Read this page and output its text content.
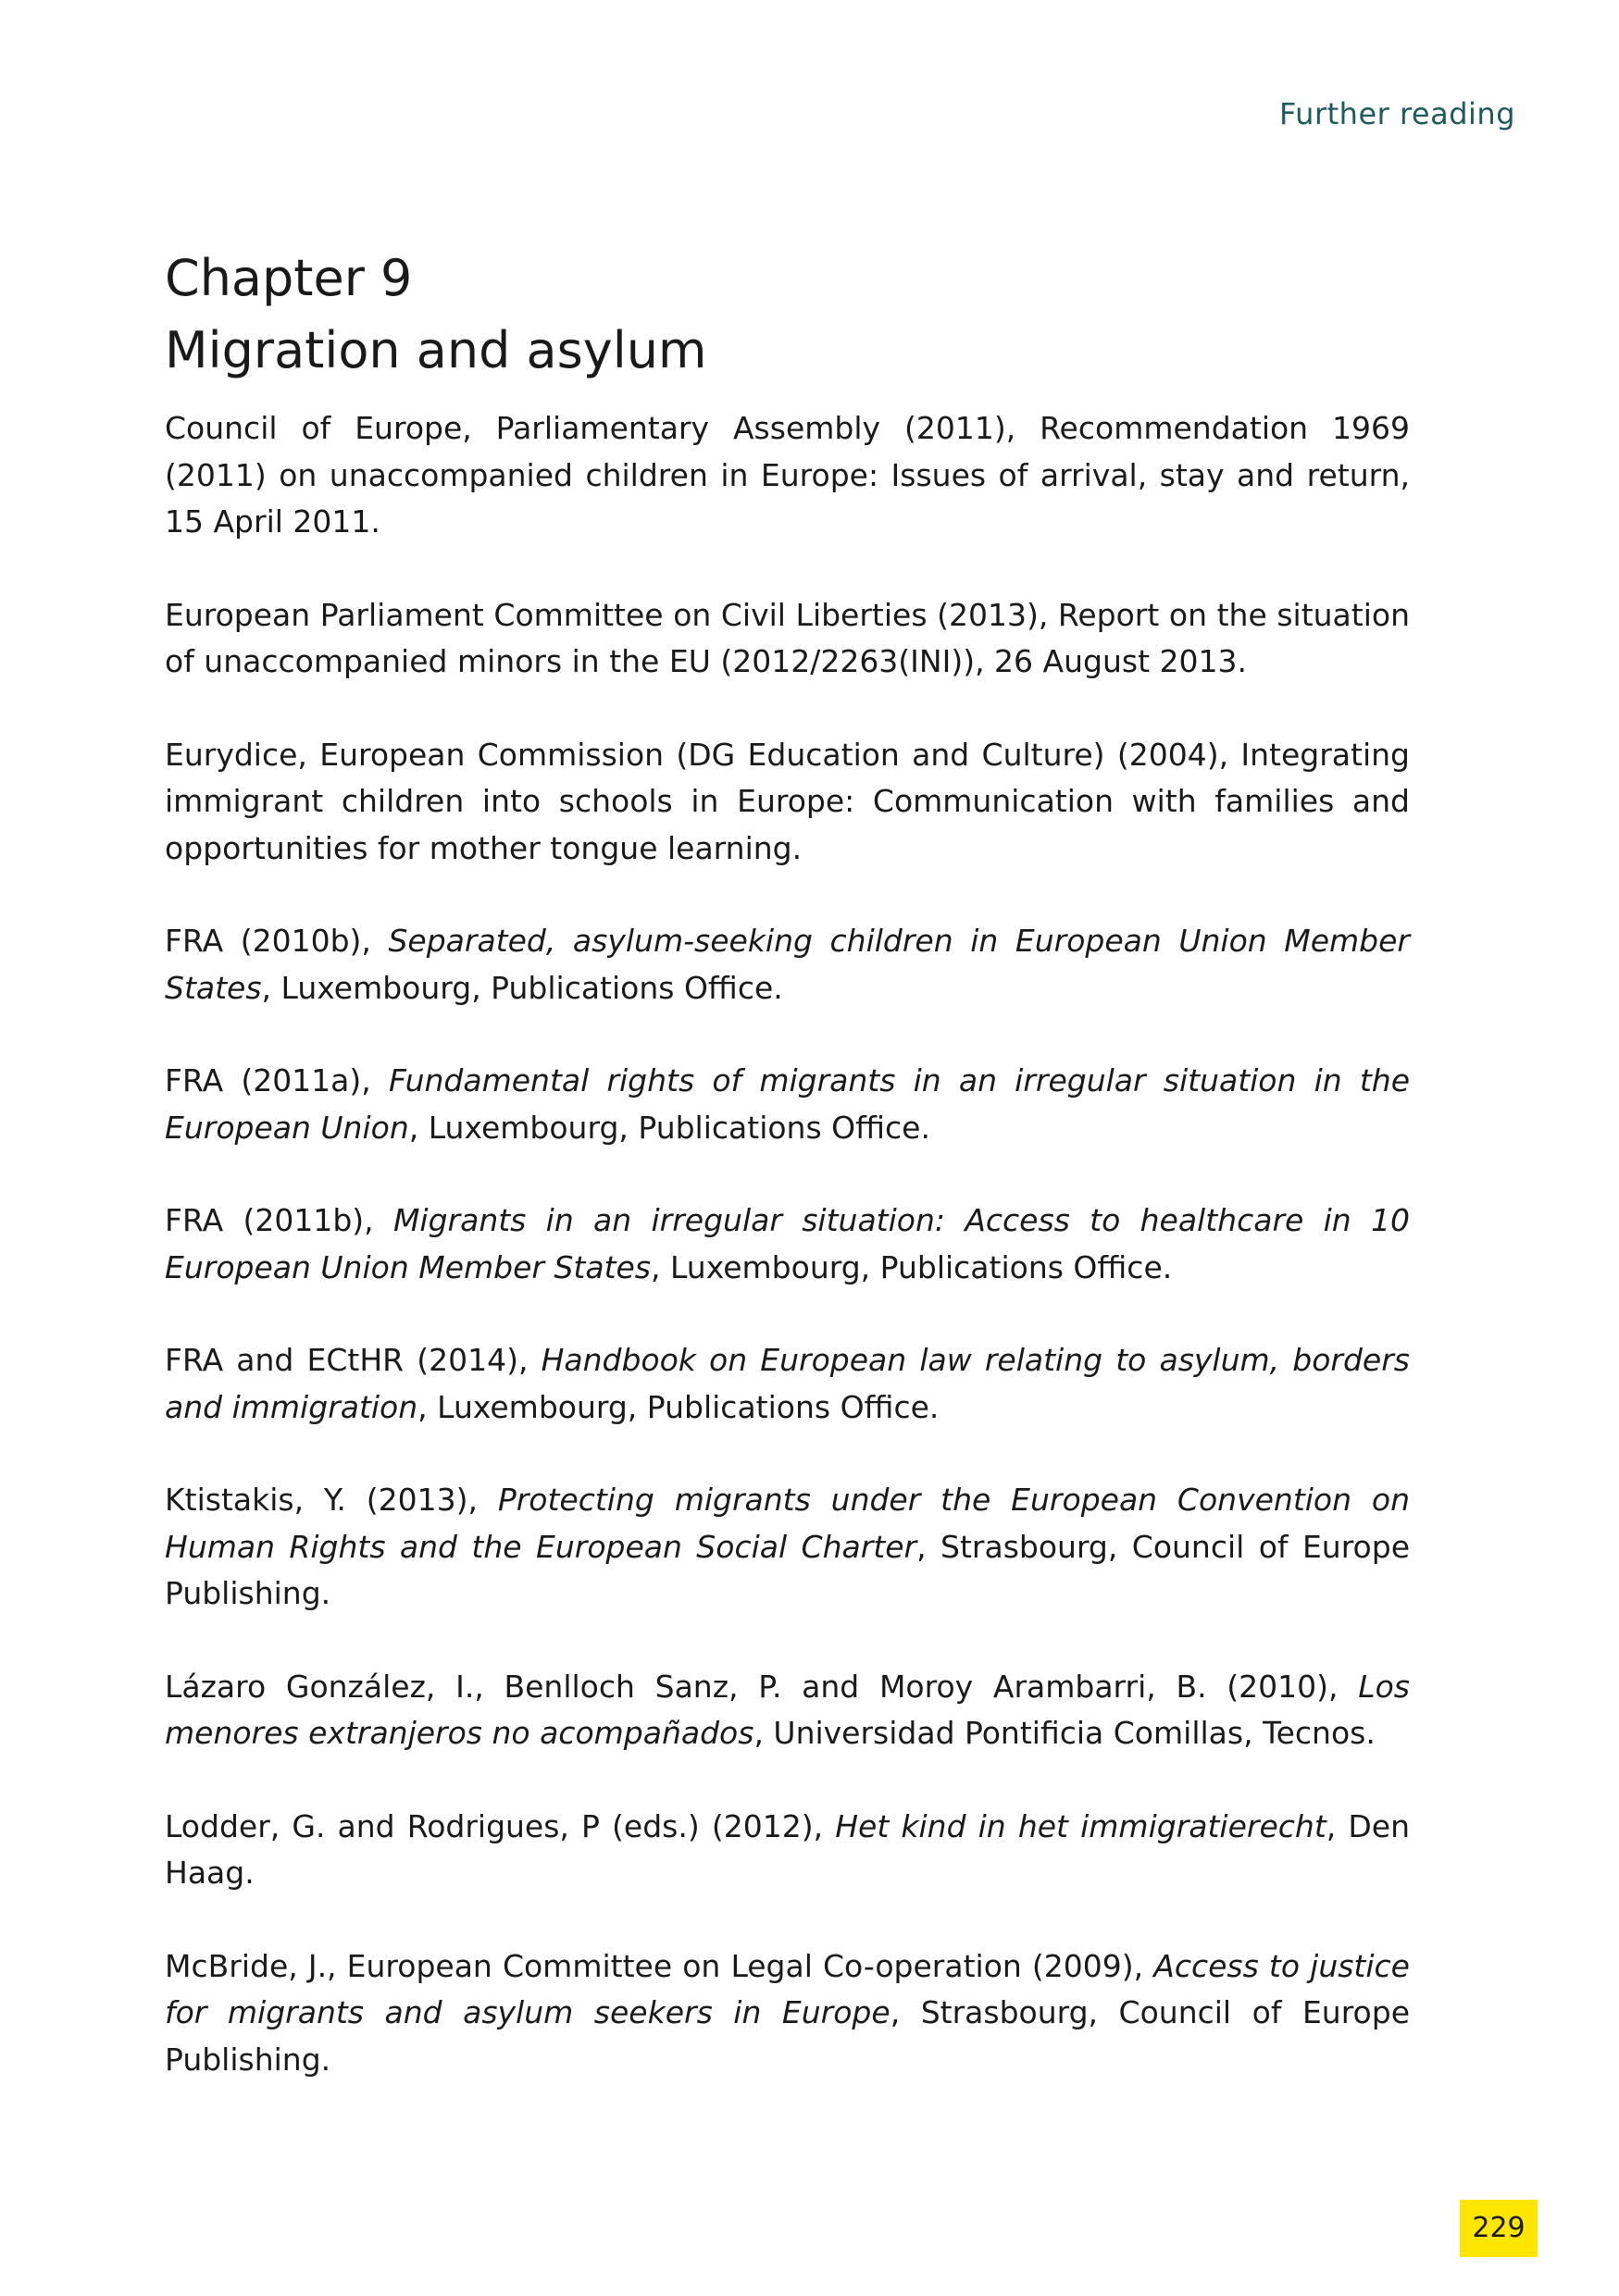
Further reading
Chapter 9
Migration and asylum
Council of Europe, Parliamentary Assembly (2011), Recommendation 1969 (2011) on unaccompanied children in Europe: Issues of arrival, stay and return, 15 April 2011.
European Parliament Committee on Civil Liberties (2013), Report on the situation of unaccompanied minors in the EU (2012/2263(INI)), 26 August 2013.
Eurydice, European Commission (DG Education and Culture) (2004), Integrating immigrant children into schools in Europe: Communication with families and opportunities for mother tongue learning.
FRA (2010b), Separated, asylum-seeking children in European Union Member States, Luxembourg, Publications Office.
FRA (2011a), Fundamental rights of migrants in an irregular situation in the European Union, Luxembourg, Publications Office.
FRA (2011b), Migrants in an irregular situation: Access to healthcare in 10 European Union Member States, Luxembourg, Publications Office.
FRA and ECtHR (2014), Handbook on European law relating to asylum, borders and immigration, Luxembourg, Publications Office.
Ktistakis, Y. (2013), Protecting migrants under the European Convention on Human Rights and the European Social Charter, Strasbourg, Council of Europe Publishing.
Lázaro González, I., Benlloch Sanz, P. and Moroy Arambarri, B. (2010), Los menores extranjeros no acompañados, Universidad Pontificia Comillas, Tecnos.
Lodder, G. and Rodrigues, P (eds.) (2012), Het kind in het immigratierecht, Den Haag.
McBride, J., European Committee on Legal Co-operation (2009), Access to justice for migrants and asylum seekers in Europe, Strasbourg, Council of Europe Publishing.
229
